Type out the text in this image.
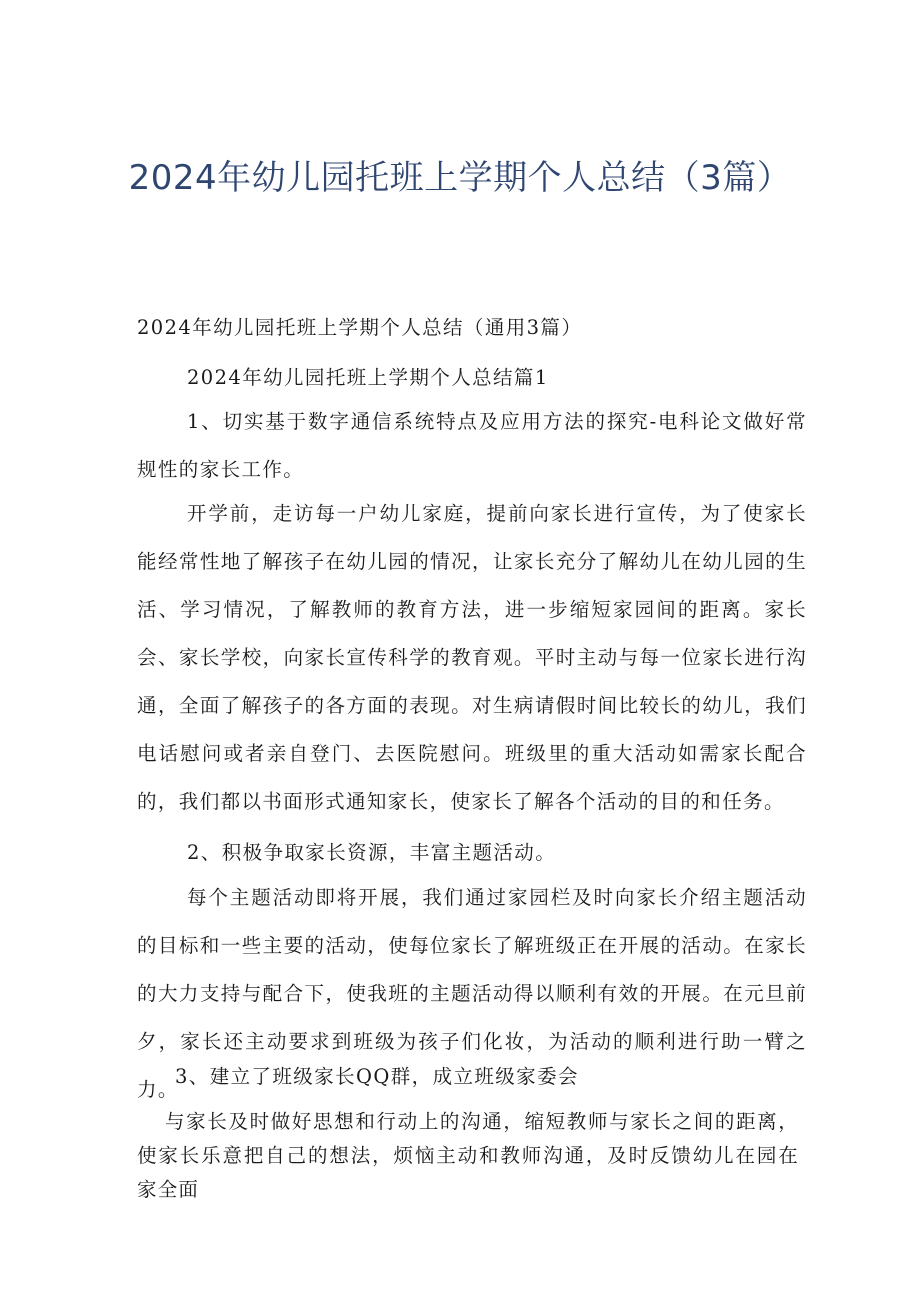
2024年幼儿园托班上学期个人总结（3篇）
2024年幼儿园托班上学期个人总结（通用3篇）
2024年幼儿园托班上学期个人总结篇1
1、切实基于数字通信系统特点及应用方法的探究-电科论文做好常规性的家长工作。
开学前，走访每一户幼儿家庭，提前向家长进行宣传，为了使家长能经常性地了解孩子在幼儿园的情况，让家长充分了解幼儿在幼儿园的生活、学习情况，了解教师的教育方法，进一步缩短家园间的距离。家长会、家长学校，向家长宣传科学的教育观。平时主动与每一位家长进行沟通，全面了解孩子的各方面的表现。对生病请假时间比较长的幼儿，我们电话慰问或者亲自登门、去医院慰问。班级里的重大活动如需家长配合的，我们都以书面形式通知家长，使家长了解各个活动的目的和任务。
2、积极争取家长资源，丰富主题活动。
每个主题活动即将开展，我们通过家园栏及时向家长介绍主题活动的目标和一些主要的活动，使每位家长了解班级正在开展的活动。在家长的大力支持与配合下，使我班的主题活动得以顺利有效的开展。在元旦前夕，家长还主动要求到班级为孩子们化妆，为活动的顺利进行助一臂之力。
3、建立了班级家长QQ群，成立班级家委会
与家长及时做好思想和行动上的沟通，缩短教师与家长之间的距离，使家长乐意把自己的想法，烦恼主动和教师沟通，及时反馈幼儿在园在家全面
